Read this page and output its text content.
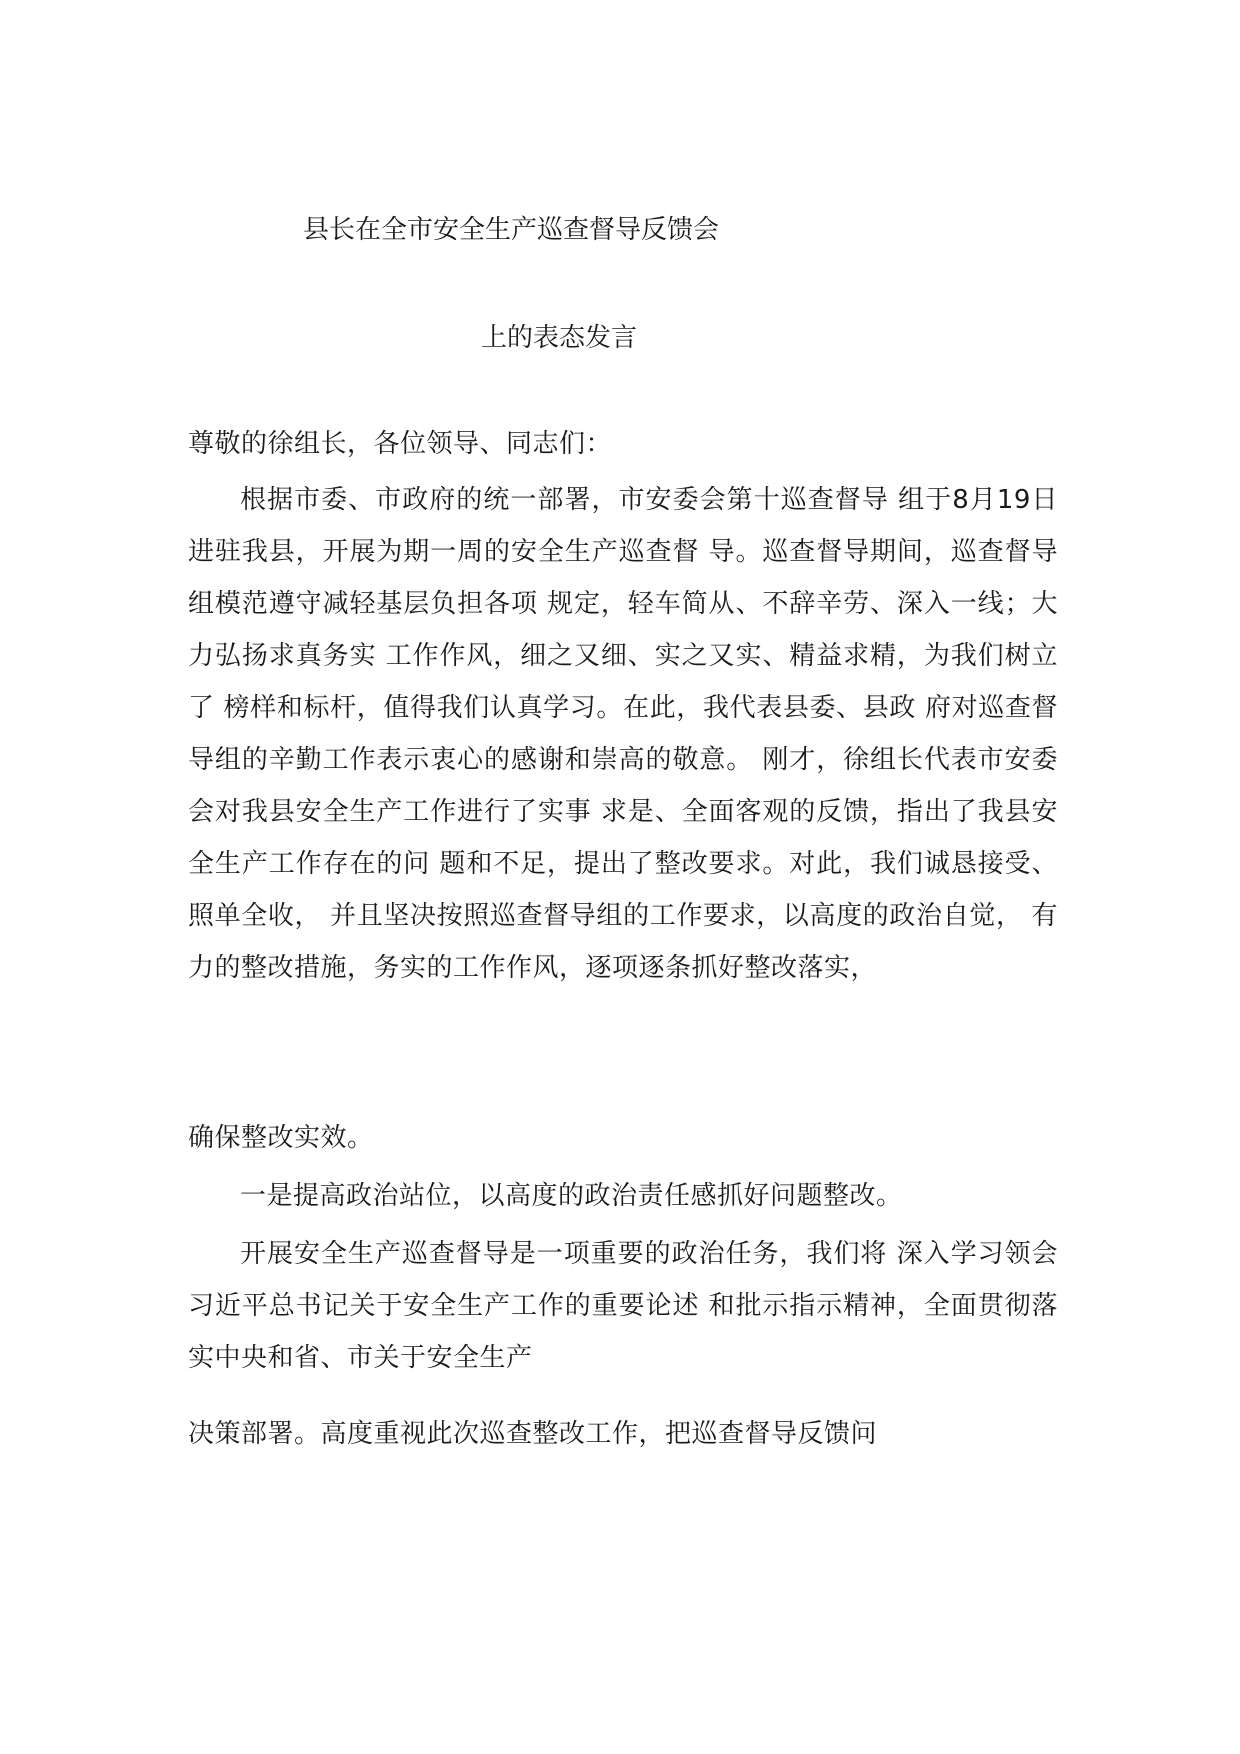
县长在全市安全生产巡查督导反馈会
上的表态发言
尊敬的徐组长，各位领导、同志们：
根据市委、市政府的统一部署，市安委会第十巡查督导 组于8月19日进驻我县，开展为期一周的安全生产巡查督 导。巡查督导期间，巡查督导组模范遵守减轻基层负担各项 规定，轻车简从、不辞辛劳、深入一线；大力弘扬求真务实 工作作风，细之又细、实之又实、精益求精，为我们树立了 榜样和标杆，值得我们认真学习。在此，我代表县委、县政 府对巡查督导组的辛勤工作表示衷心的感谢和崇高的敬意。 刚才，徐组长代表市安委会对我县安全生产工作进行了实事 求是、全面客观的反馈，指出了我县安全生产工作存在的问 题和不足，提出了整改要求。对此，我们诚恳接受、照单全收， 并且坚决按照巡查督导组的工作要求，以高度的政治自觉， 有力的整改措施，务实的工作作风，逐项逐条抓好整改落实，
确保整改实效。
一是提高政治站位，以高度的政治责任感抓好问题整改。
开展安全生产巡查督导是一项重要的政治任务，我们将 深入学习领会习近平总书记关于安全生产工作的重要论述 和批示指示精神，全面贯彻落实中央和省、市关于安全生产
决策部署。高度重视此次巡查整改工作，把巡查督导反馈问
